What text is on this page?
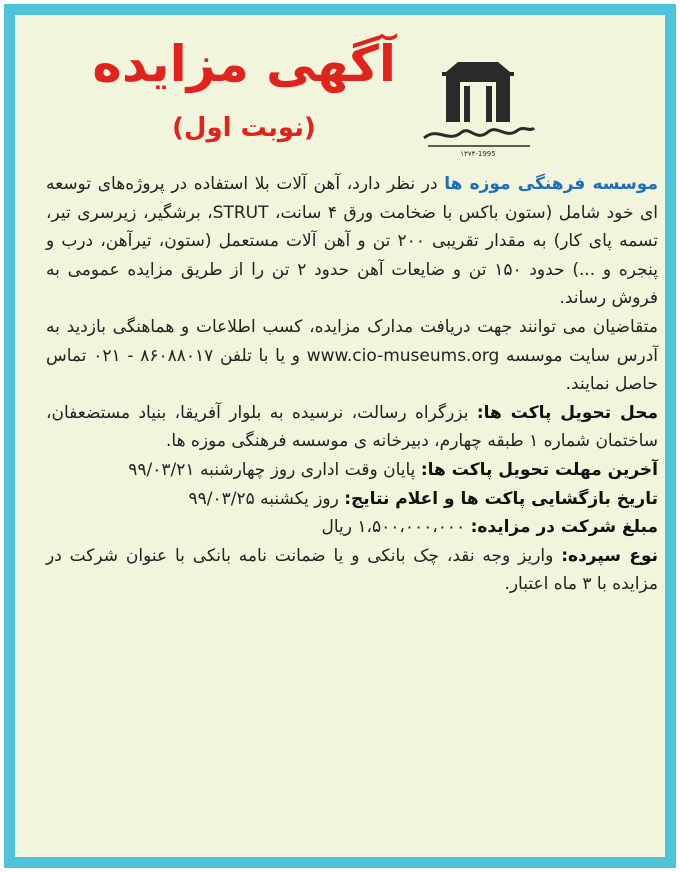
۱۳۷۴-1995
آگهی مزایده
(نوبت اول)

موسسه فرهنگی موزه ها در نظر دارد، آهن آلات بلا استفاده در پروژه‌های توسعه ای خود شامل (ستون باکس با ضخامت ورق ۴ سانت، STRUT، برشگیر، زیرسری تیر، تسمه پای کار) به مقدار تقریبی ۲۰۰ تن و آهن آلات مستعمل (ستون، تیرآهن، درب و پنجره و ...) حدود ۱۵۰ تن و ضایعات آهن حدود ۲ تن را از طریق مزایده عمومی به فروش رساند.

متقاضیان می توانند جهت دریافت مدارک مزایده، کسب اطلاعات و هماهنگی بازدید به آدرس سایت موسسه www.cio-museums.org و یا با تلفن ۸۶۰۸۸۰۱۷ - ۰۲۱ تماس حاصل نمایند.

محل تحویل پاکت ها: بزرگراه رسالت، نرسیده به بلوار آفریقا، بنیاد مستضعفان، ساختمان شماره ۱ طبقه چهارم، دبیرخانه ی موسسه فرهنگی موزه ها.

آخرین مهلت تحویل پاکت ها: پایان وقت اداری روز چهارشنبه ۹۹/۰۳/۲۱

تاریخ بازگشایی پاکت ها و اعلام نتایج: روز یکشنبه ۹۹/۰۳/۲۵

مبلغ شرکت در مزایده: ۱،۵۰۰،۰۰۰،۰۰۰ ریال

نوع سپرده: واریز وجه نقد، چک بانکی و یا ضمانت نامه بانکی با عنوان شرکت در مزایده با ۳ ماه اعتبار.
